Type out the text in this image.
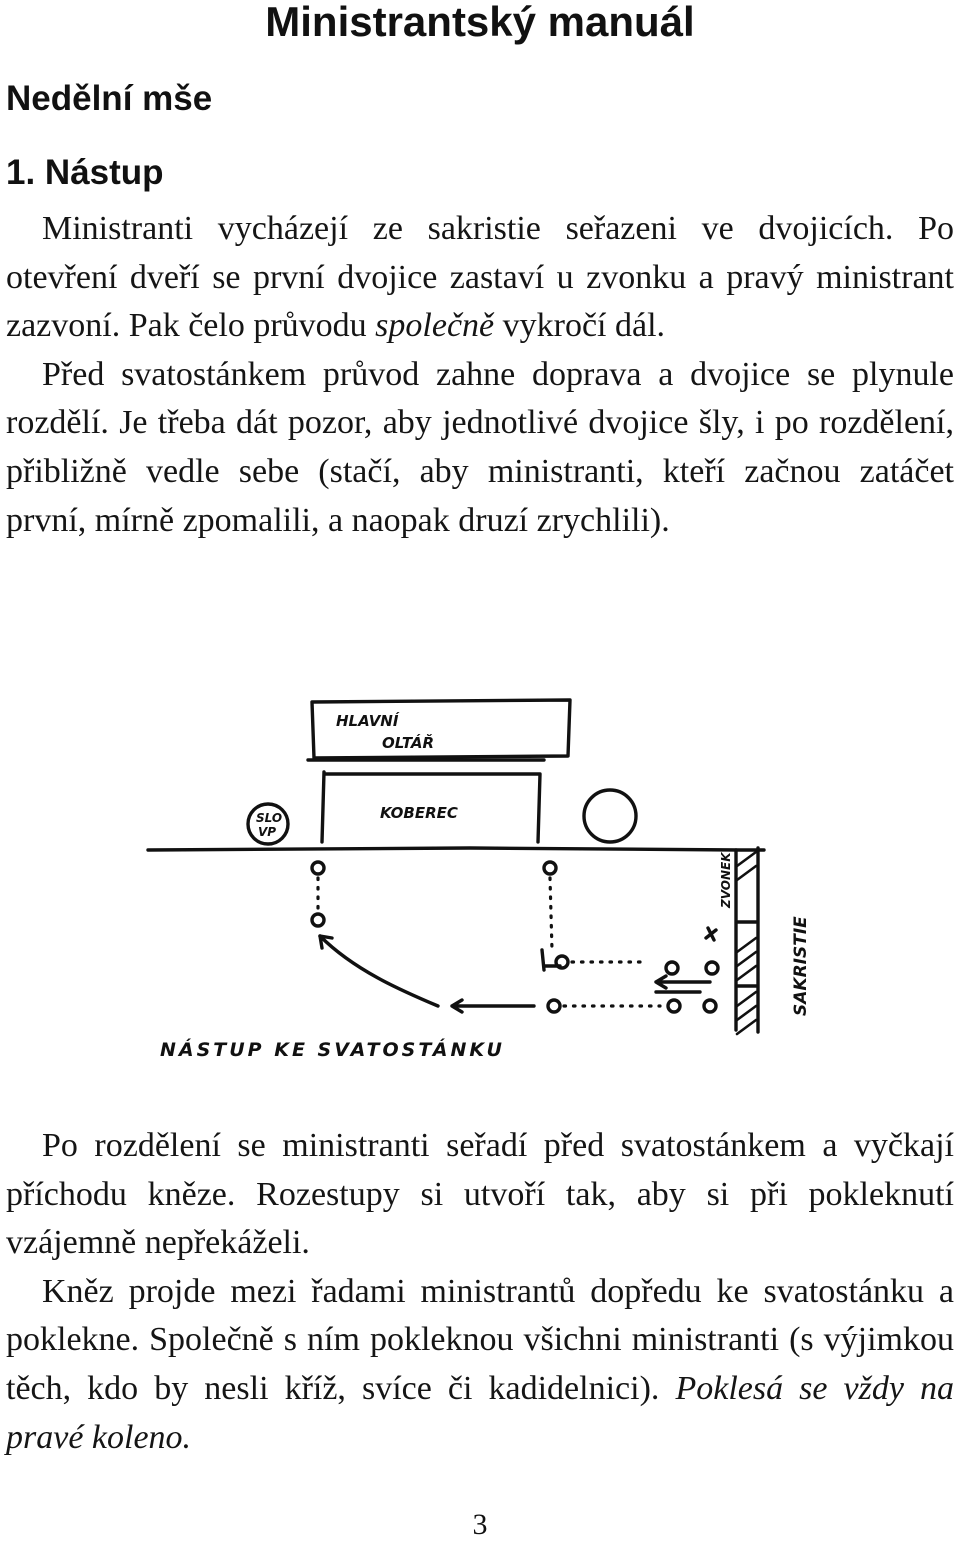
Ministrantský manuál
Nedělní mše
1. Nástup

Ministranti vycházejí ze sakristie seřazeni ve dvojicích. Po otevření dveří se první dvojice zastaví u zvonku a pravý ministrant zazvoní. Pak čelo průvodu společně vykročí dál.

Před svatostánkem průvod zahne doprava a dvojice se plynule rozdělí. Je třeba dát pozor, aby jednotlivé dvojice šly, i po rozdělení, přibližně vedle sebe (stačí, aby ministranti, kteří začnou zatáčet první, mírně zpomalili, a naopak druzí zrychlili).

HLAVNÍ
OLTÁŘ
KOBEREC
SLO
VP
ZVONEK
SAKRISTIE
NÁSTUP KE SVATOSTÁNKU

Po rozdělení se ministranti seřadí před svatostánkem a vyčkají příchodu kněze. Rozestupy si utvoří tak, aby si při pokleknutí vzájemně nepřekáželi.

Kněz projde mezi řadami ministrantů dopředu ke svatostánku a poklekne. Společně s ním pokleknou všichni ministranti (s výjimkou těch, kdo by nesli kříž, svíce či kadidelnici). Poklesá se vždy na pravé koleno.

3
